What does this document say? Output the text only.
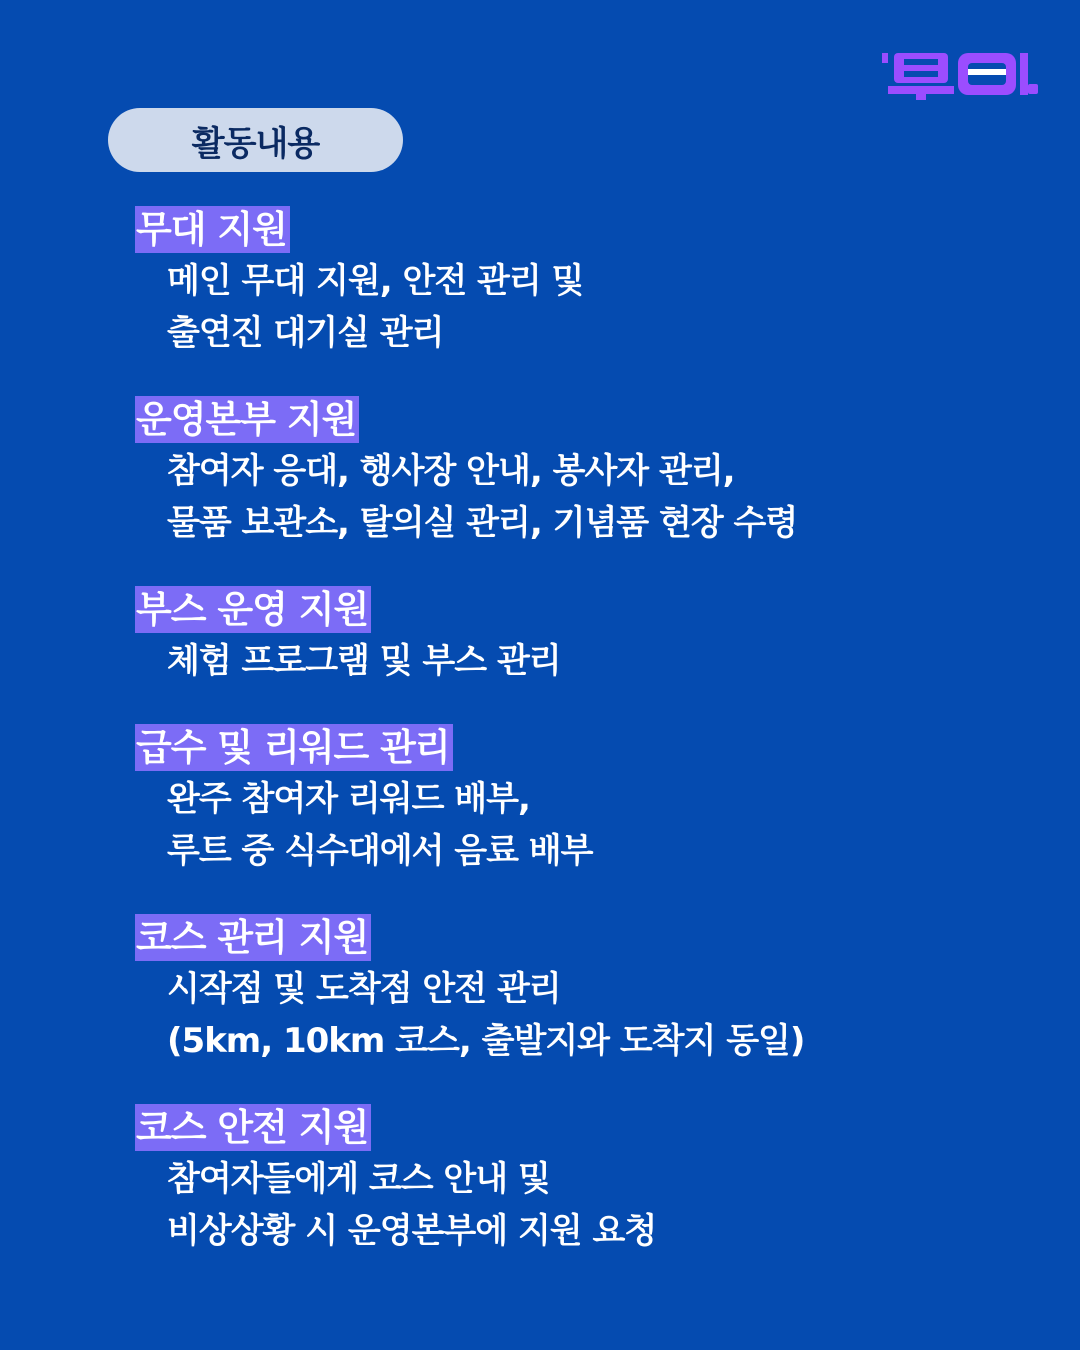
활동내용
무대 지원
메인 무대 지원, 안전 관리 및
출연진 대기실 관리
운영본부 지원
참여자 응대, 행사장 안내, 봉사자 관리,
물품 보관소, 탈의실 관리, 기념품 현장 수령
부스 운영 지원
체험 프로그램 및 부스 관리
급수 및 리워드 관리
완주 참여자 리워드 배부,
루트 중 식수대에서 음료 배부
코스 관리 지원
시작점 및 도착점 안전 관리
(5km, 10km 코스, 출발지와 도착지 동일)
코스 안전 지원
참여자들에게 코스 안내 및
비상상황 시 운영본부에 지원 요청
